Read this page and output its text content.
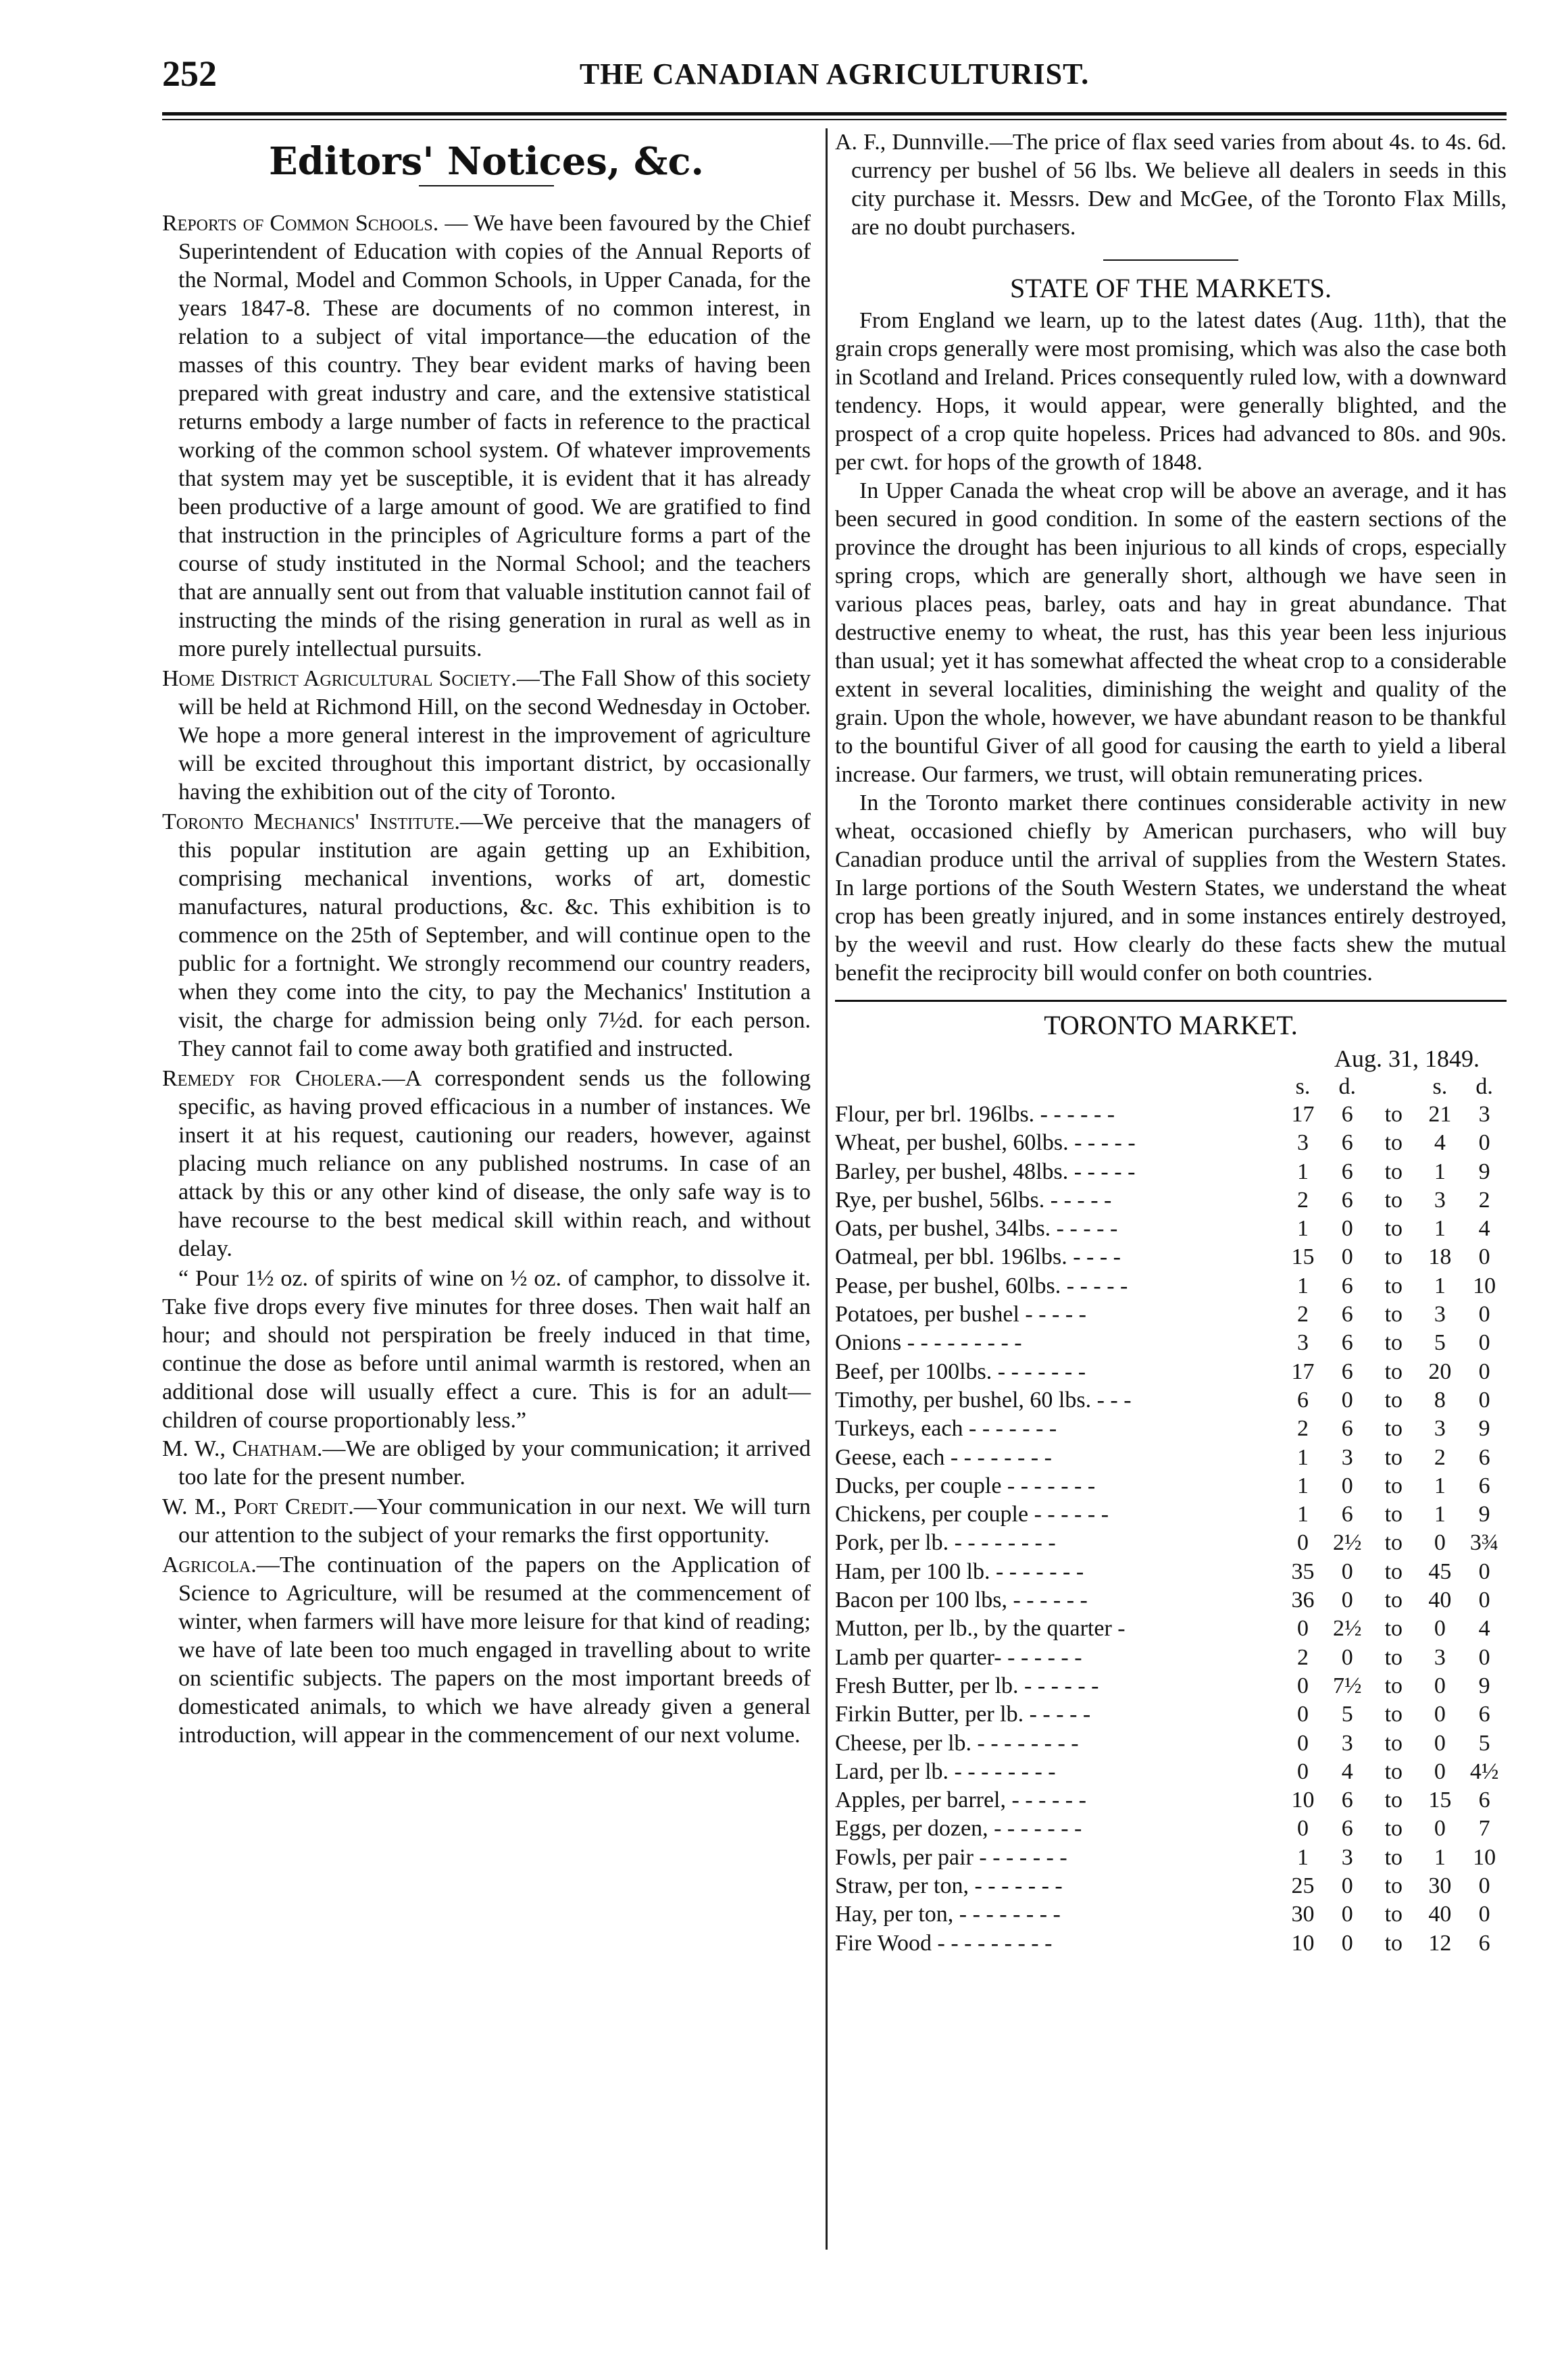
252	THE CANADIAN AGRICULTURIST.
Editors' Notices, &c.

Reports of Common Schools. — We have been favoured by the Chief Superintendent of Education with copies of the Annual Reports of the Normal, Model and Common Schools, in Upper Canada, for the years 1847-8. These are documents of no common interest, in relation to a subject of vital importance—the education of the masses of this country. They bear evident marks of having been prepared with great industry and care, and the extensive statistical returns embody a large number of facts in reference to the practical working of the common school system. Of whatever improvements that system may yet be susceptible, it is evident that it has already been productive of a large amount of good. We are gratified to find that instruction in the principles of Agriculture forms a part of the course of study instituted in the Normal School; and the teachers that are annually sent out from that valuable institution cannot fail of instructing the minds of the rising generation in rural as well as in more purely intellectual pursuits.

Home District Agricultural Society.—The Fall Show of this society will be held at Richmond Hill, on the second Wednesday in October. We hope a more general interest in the improvement of agriculture will be excited throughout this important district, by occasionally having the exhibition out of the city of Toronto.

Toronto Mechanics' Institute.—We perceive that the managers of this popular institution are again getting up an Exhibition, comprising mechanical inventions, works of art, domestic manufactures, natural productions, &c. &c. This exhibition is to commence on the 25th of September, and will continue open to the public for a fortnight. We strongly recommend our country readers, when they come into the city, to pay the Mechanics' Institution a visit, the charge for admission being only 7½d. for each person. They cannot fail to come away both gratified and instructed.

Remedy for Cholera.—A correspondent sends us the following specific, as having proved efficacious in a number of instances. We insert it at his request, cautioning our readers, however, against placing much reliance on any published nostrums. In case of an attack by this or any other kind of disease, the only safe way is to have recourse to the best medical skill within reach, and without delay.

“ Pour 1½ oz. of spirits of wine on ½ oz. of camphor, to dissolve it. Take five drops every five minutes for three doses. Then wait half an hour; and should not perspiration be freely induced in that time, continue the dose as before until animal warmth is restored, when an additional dose will usually effect a cure. This is for an adult—children of course proportionably less.”

M. W., Chatham.—We are obliged by your communication; it arrived too late for the present number.

W. M., Port Credit.—Your communication in our next. We will turn our attention to the subject of your remarks the first opportunity.

Agricola.—The continuation of the papers on the Application of Science to Agriculture, will be resumed at the commencement of winter, when farmers will have more leisure for that kind of reading; we have of late been too much engaged in travelling about to write on scientific subjects. The papers on the most important breeds of domesticated animals, to which we have already given a general introduction, will appear in the commencement of our next volume.

A. F., Dunnville.—The price of flax seed varies from about 4s. to 4s. 6d. currency per bushel of 56 lbs. We believe all dealers in seeds in this city purchase it. Messrs. Dew and McGee, of the Toronto Flax Mills, are no doubt purchasers.

STATE OF THE MARKETS.

From England we learn, up to the latest dates (Aug. 11th), that the grain crops generally were most promising, which was also the case both in Scotland and Ireland. Prices consequently ruled low, with a downward tendency. Hops, it would appear, were generally blighted, and the prospect of a crop quite hopeless. Prices had advanced to 80s. and 90s. per cwt. for hops of the growth of 1848.

In Upper Canada the wheat crop will be above an average, and it has been secured in good condition. In some of the eastern sections of the province the drought has been injurious to all kinds of crops, especially spring crops, which are generally short, although we have seen in various places peas, barley, oats and hay in great abundance. That destructive enemy to wheat, the rust, has this year been less injurious than usual; yet it has somewhat affected the wheat crop to a considerable extent in several localities, diminishing the weight and quality of the grain. Upon the whole, however, we have abundant reason to be thankful to the bountiful Giver of all good for causing the earth to yield a liberal increase. Our farmers, we trust, will obtain remunerating prices.

In the Toronto market there continues considerable activity in new wheat, occasioned chiefly by American purchasers, who will buy Canadian produce until the arrival of supplies from the Western States. In large portions of the South Western States, we understand the wheat crop has been greatly injured, and in some instances entirely destroyed, by the weevil and rust. How clearly do these facts shew the mutual benefit the reciprocity bill would confer on both countries.

TORONTO MARKET.
Aug. 31, 1849.
	s.	d.		s.	d.
Flour, per brl. 196lbs. - - - - - -	17	6	to	21	3
Wheat, per bushel, 60lbs. - - - - -	3	6	to	4	0
Barley, per bushel, 48lbs. - - - - -	1	6	to	1	9
Rye, per bushel, 56lbs. - - - - -	2	6	to	3	2
Oats, per bushel, 34lbs. - - - - -	1	0	to	1	4
Oatmeal, per bbl. 196lbs. - - - -	15	0	to	18	0
Pease, per bushel, 60lbs. - - - - -	1	6	to	1	10
Potatoes, per bushel - - - - -	2	6	to	3	0
Onions - - - - - - - - -	3	6	to	5	0
Beef, per 100lbs. - - - - - - -	17	6	to	20	0
Timothy, per bushel, 60 lbs. - - -	6	0	to	8	0
Turkeys, each - - - - - - -	2	6	to	3	9
Geese, each - - - - - - - -	1	3	to	2	6
Ducks, per couple - - - - - - -	1	0	to	1	6
Chickens, per couple - - - - - -	1	6	to	1	9
Pork, per lb. - - - - - - - -	0	2½	to	0	3¾
Ham, per 100 lb. - - - - - - -	35	0	to	45	0
Bacon per 100 lbs, - - - - - -	36	0	to	40	0
Mutton, per lb., by the quarter -	0	2½	to	0	4
Lamb per quarter- - - - - - -	2	0	to	3	0
Fresh Butter, per lb. - - - - - -	0	7½	to	0	9
Firkin Butter, per lb. - - - - -	0	5	to	0	6
Cheese, per lb. - - - - - - - -	0	3	to	0	5
Lard, per lb. - - - - - - - -	0	4	to	0	4½
Apples, per barrel, - - - - - -	10	6	to	15	6
Eggs, per dozen, - - - - - - -	0	6	to	0	7
Fowls, per pair - - - - - - -	1	3	to	1	10
Straw, per ton, - - - - - - -	25	0	to	30	0
Hay, per ton, - - - - - - - -	30	0	to	40	0
Fire Wood - - - - - - - - -	10	0	to	12	6
